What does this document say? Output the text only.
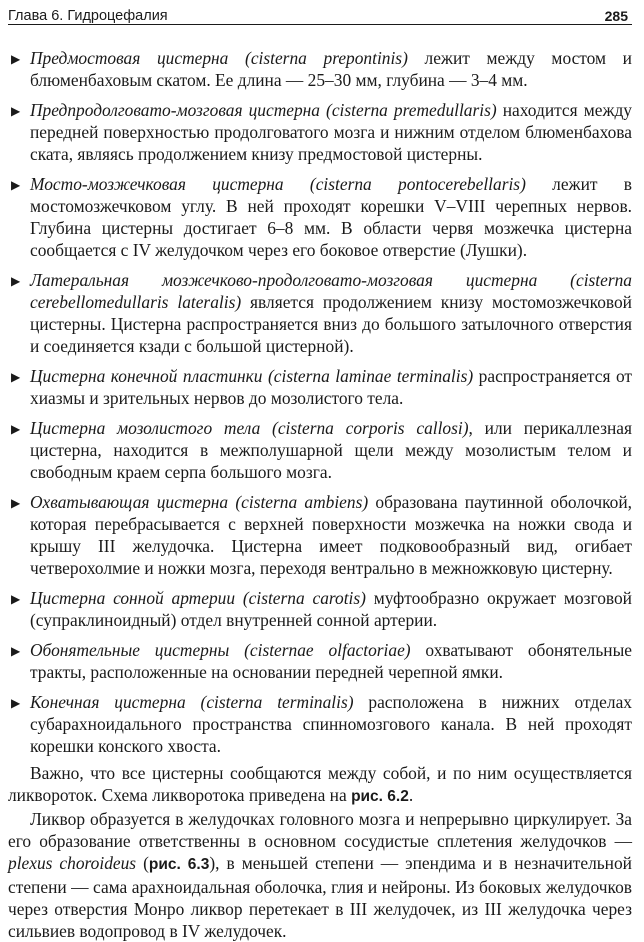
Глава 6. Гидроцефалия	285
▶ Предмостовая цистерна (cisterna prepontinis) лежит между мостом и блюменбаховым скатом. Ее длина — 25–30 мм, глубина — 3–4 мм.
▶ Предпродолговато-мозговая цистерна (cisterna premedullaris) находится между передней поверхностью продолговатого мозга и нижним отделом блюменбахова ската, являясь продолжением книзу предмостовой цистерны.
▶ Мосто-мозжечковая цистерна (cisterna pontocerebellaris) лежит в мостомозжечковом углу. В ней проходят корешки V–VIII черепных нервов. Глубина цистерны достигает 6–8 мм. В области червя мозжечка цистерна сообщается с IV желудочком через его боковое отверстие (Лушки).
▶ Латеральная мозжечково-продолговато-мозговая цистерна (cisterna cerebellomedullaris lateralis) является продолжением книзу мостомозжечковой цистерны. Цистерна распространяется вниз до большого затылочного отверстия и соединяется кзади с большой цистерной).
▶ Цистерна конечной пластинки (cisterna laminae terminalis) распространяется от хиазмы и зрительных нервов до мозолистого тела.
▶ Цистерна мозолистого тела (cisterna corporis callosi), или перикаллезная цистерна, находится в межполушарной щели между мозолистым телом и свободным краем серпа большого мозга.
▶ Охватывающая цистерна (cisterna ambiens) образована паутинной оболочкой, которая перебрасывается с верхней поверхности мозжечка на ножки свода и крышу III желудочка. Цистерна имеет подковообразный вид, огибает четверохолмие и ножки мозга, переходя вентрально в межножковую цистерну.
▶ Цистерна сонной артерии (cisterna carotis) муфтообразно окружает мозговой (супраклиноидный) отдел внутренней сонной артерии.
▶ Обонятельные цистерны (cisternae olfactoriae) охватывают обонятельные тракты, расположенные на основании передней черепной ямки.
▶ Конечная цистерна (cisterna terminalis) расположена в нижних отделах субарахноидального пространства спинномозгового канала. В ней проходят корешки конского хвоста.

Важно, что все цистерны сообщаются между собой, и по ним осуществляется ликвороток. Схема ликворотока приведена на рис. 6.2.

Ликвор образуется в желудочках головного мозга и непрерывно циркулирует. За его образование ответственны в основном сосудистые сплетения желудочков — plexus choroideus (рис. 6.3), в меньшей степени — эпендима и в незначительной степени — сама арахноидальная оболочка, глия и нейроны. Из боковых желудочков через отверстия Монро ликвор перетекает в III желудочек, из III желудочка через сильвиев водопровод в IV желудочек.
